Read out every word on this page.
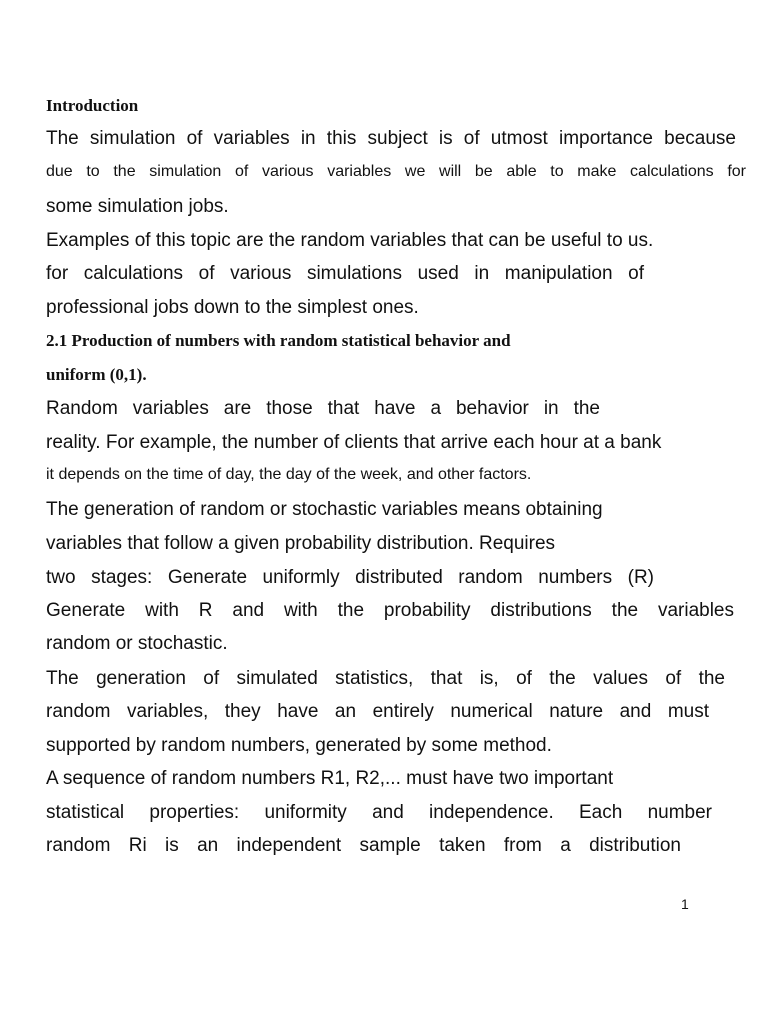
Introduction
The simulation of variables in this subject is of utmost importance because
due to the simulation of various variables we will be able to make calculations for
some simulation jobs.
Examples of this topic are the random variables that can be useful to us.
for calculations of various simulations used in manipulation of
professional jobs down to the simplest ones.
2.1 Production of numbers with random statistical behavior and
uniform (0,1).
Random variables are those that have a behavior in the
reality. For example, the number of clients that arrive each hour at a bank
it depends on the time of day, the day of the week, and other factors.
The generation of random or stochastic variables means obtaining
variables that follow a given probability distribution. Requires
two stages: Generate uniformly distributed random numbers (R)
Generate with R and with the probability distributions the variables
random or stochastic.
The generation of simulated statistics, that is, of the values of the
random variables, they have an entirely numerical nature and must
supported by random numbers, generated by some method.
A sequence of random numbers R1, R2,... must have two important
statistical properties: uniformity and independence. Each number
random Ri is an independent sample taken from a distribution
1
